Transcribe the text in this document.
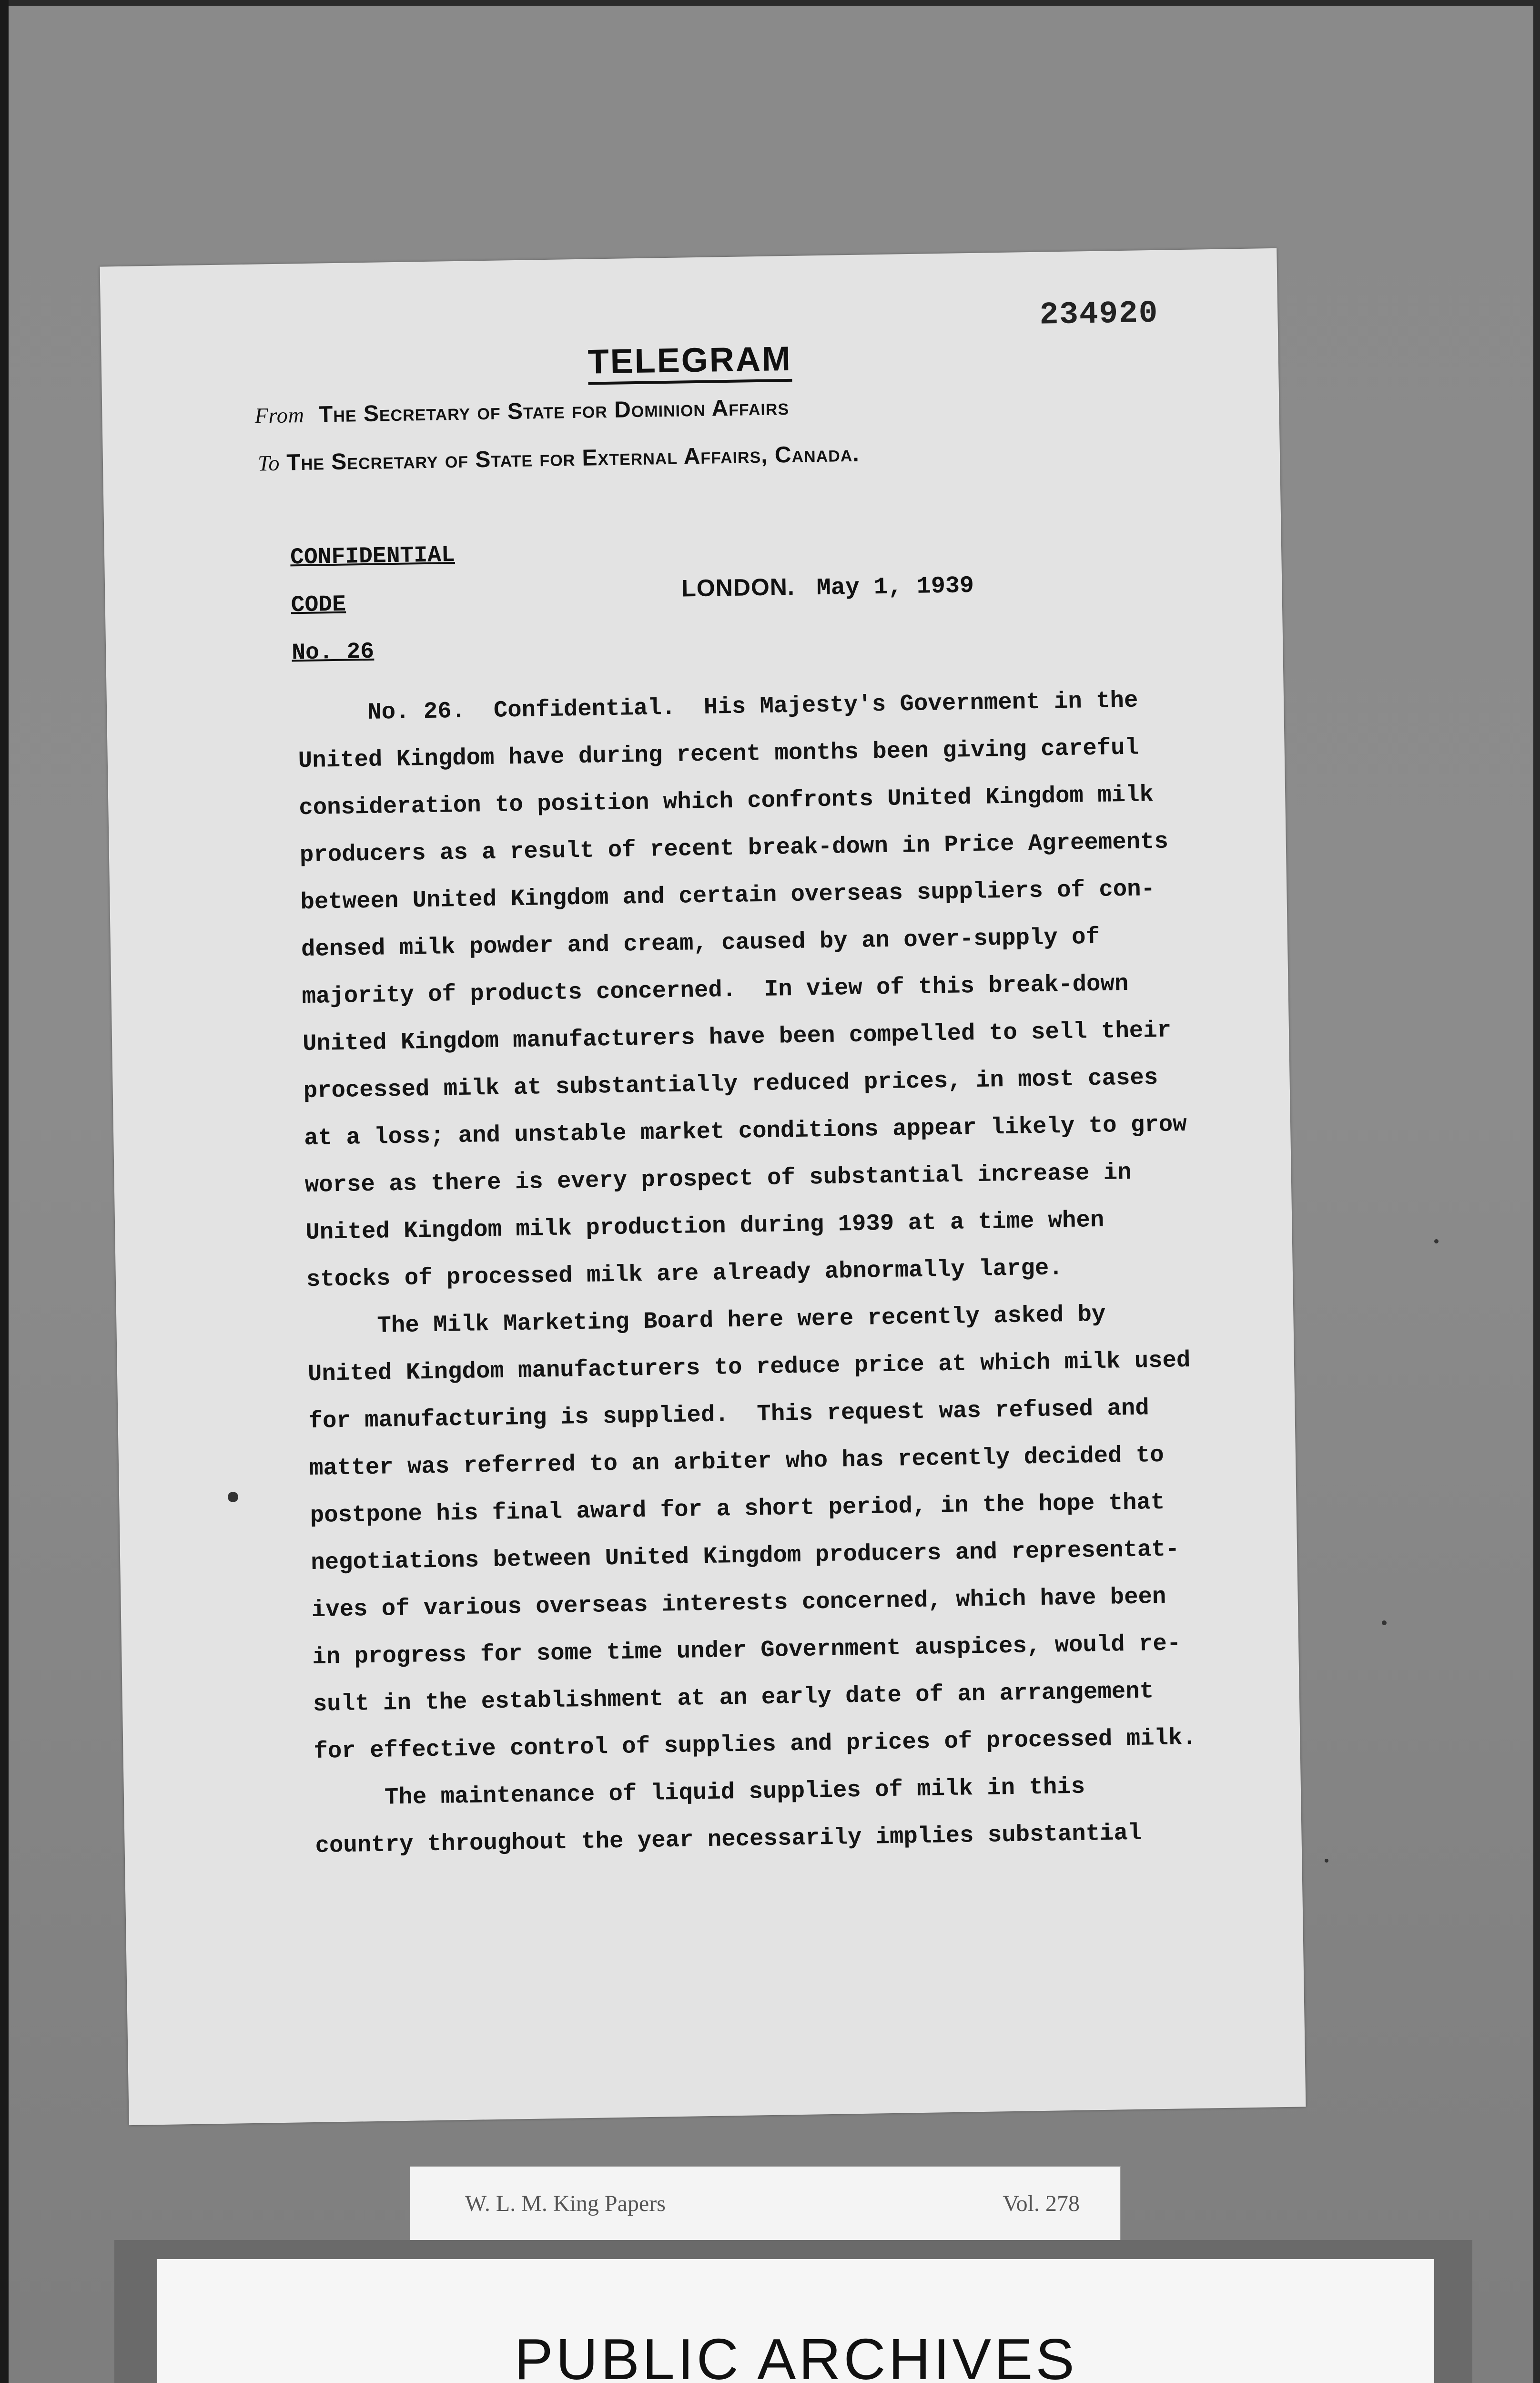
234920
TELEGRAM
From The Secretary of State for Dominion Affairs
To The Secretary of State for External Affairs, Canada.
CONFIDENTIAL
CODE
No. 26
LONDON. May 1, 1939

No. 26.  Confidential.  His Majesty's Government in the

United Kingdom have during recent months been giving careful

consideration to position which confronts United Kingdom milk

producers as a result of recent break-down in Price Agreements

between United Kingdom and certain overseas suppliers of con-

densed milk powder and cream, caused by an over-supply of

majority of products concerned.  In view of this break-down

United Kingdom manufacturers have been compelled to sell their

processed milk at substantially reduced prices, in most cases

at a loss; and unstable market conditions appear likely to grow

worse as there is every prospect of substantial increase in

United Kingdom milk production during 1939 at a time when

stocks of processed milk are already abnormally large.

The Milk Marketing Board here were recently asked by

United Kingdom manufacturers to reduce price at which milk used

for manufacturing is supplied.  This request was refused and

matter was referred to an arbiter who has recently decided to

postpone his final award for a short period, in the hope that

negotiations between United Kingdom producers and representat-

ives of various overseas interests concerned, which have been

in progress for some time under Government auspices, would re-

sult in the establishment at an early date of an arrangement

for effective control of supplies and prices of processed milk.

The maintenance of liquid supplies of milk in this

country throughout the year necessarily implies substantial

W. L. M. King Papers	Vol. 278
PUBLIC ARCHIVES
